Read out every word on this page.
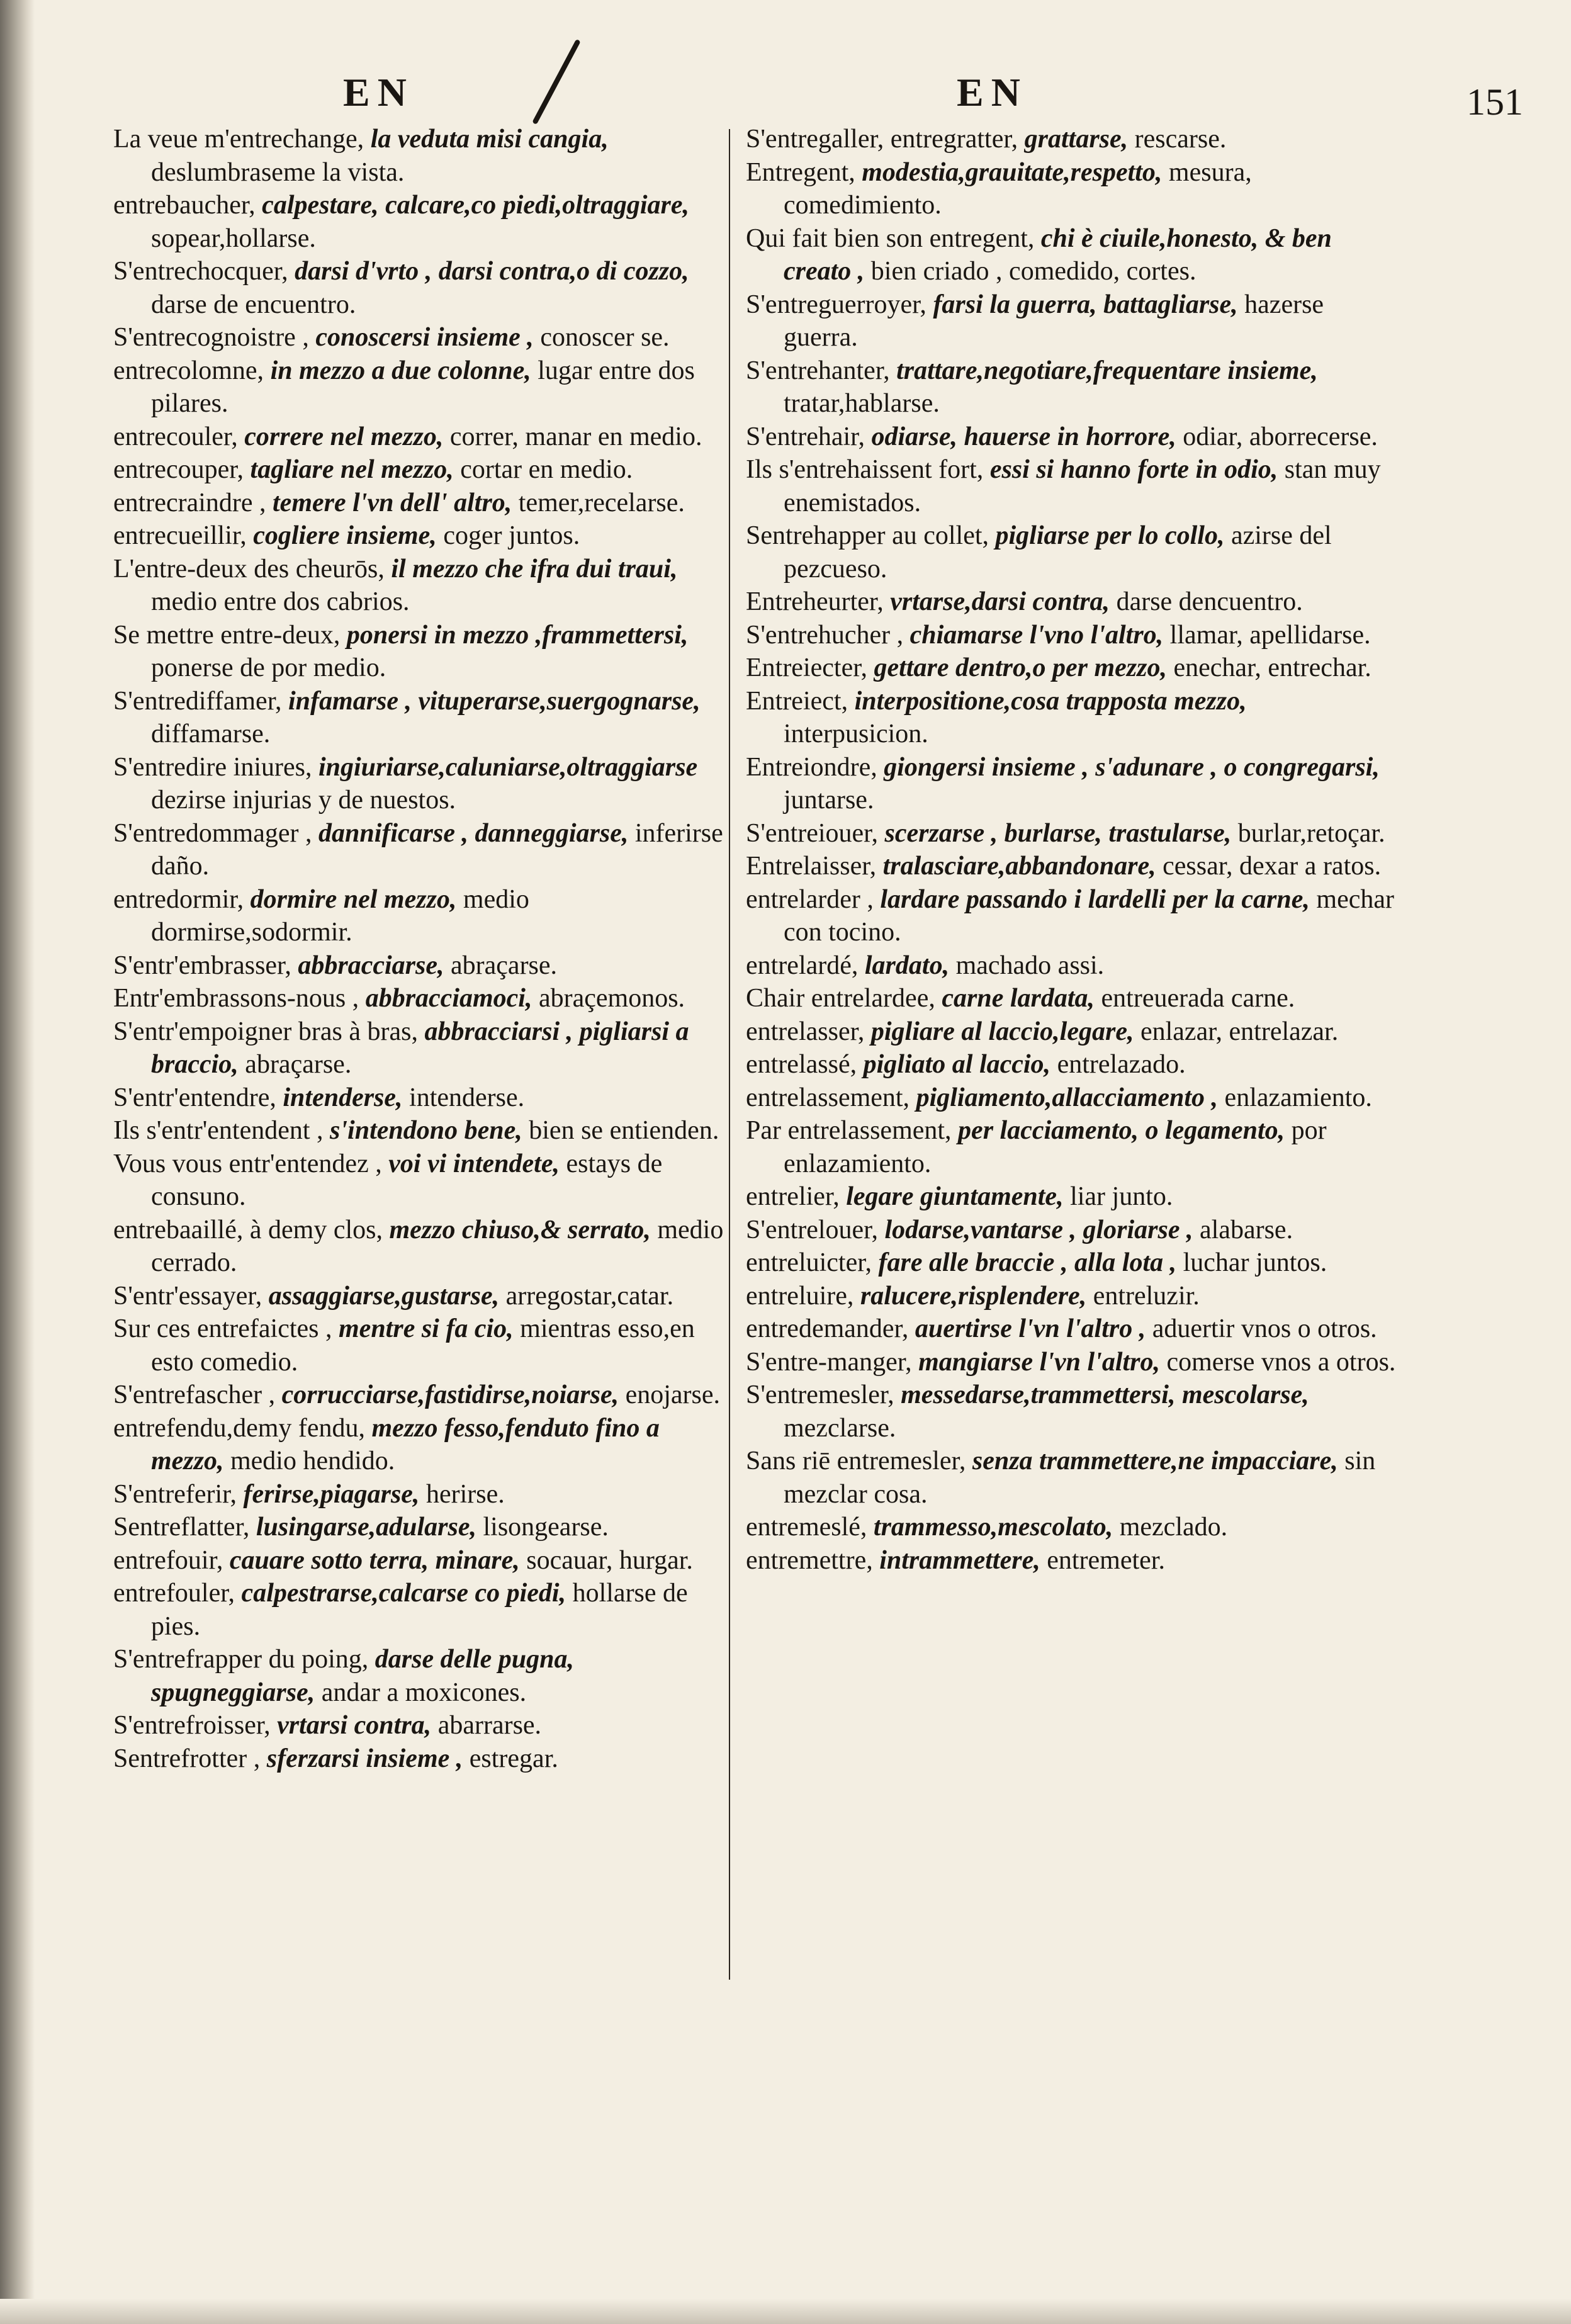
EN	EN	151
La veue m'entrechange, la veduta misi cangia, deslumbraseme la vista.
entrebaucher, calpestare, calcare,co piedi,oltraggiare, sopear,hollarse.
S'entrechocquer, darsi d'vrto , darsi contra,o di cozzo, darse de encuentro.
S'entrecognoistre , conoscersi insieme , conoscer se.
entrecolomne, in mezzo a due colonne, lugar entre dos pilares.
entrecouler, correre nel mezzo, correr, manar en medio.
entrecouper, tagliare nel mezzo, cortar en medio.
entrecraindre , temere l'vn dell' altro, temer,recelarse.
entrecueillir, cogliere insieme, coger juntos.
L'entre-deux des cheurōs, il mezzo che ifra dui traui, medio entre dos cabrios.
Se mettre entre-deux, ponersi in mezzo ,frammettersi, ponerse de por medio.
S'entrediffamer, infamarse , vituperarse,suergognarse, diffamarse.
S'entredire iniures, ingiuriarse,caluniarse,oltraggiarse dezirse injurias y de nuestos.
S'entredommager , dannificarse , danneggiarse, inferirse daño.
entredormir, dormire nel mezzo, medio dormirse,sodormir.
S'entr'embrasser, abbracciarse, abraçarse.
Entr'embrassons-nous , abbracciamoci, abraçemonos.
S'entr'empoigner bras à bras, abbracciarsi , pigliarsi a braccio, abraçarse.
S'entr'entendre, intenderse, intenderse.
Ils s'entr'entendent , s'intendono bene, bien se entienden.
Vous vous entr'entendez , voi vi intendete, estays de consuno.
entrebaaillé, à demy clos, mezzo chiuso,& serrato, medio cerrado.
S'entr'essayer, assaggiarse,gustarse, arregostar,catar.
Sur ces entrefaictes , mentre si fa cio, mientras esso,en esto comedio.
S'entrefascher , corrucciarse,fastidirse,noiarse, enojarse.
entrefendu,demy fendu, mezzo fesso,fenduto fino a mezzo, medio hendido.
S'entreferir, ferirse,piagarse, herirse.
Sentreflatter, lusingarse,adularse, lisongearse.
entrefouir, cauare sotto terra, minare, socauar, hurgar.
entrefouler, calpestrarse,calcarse co piedi, hollarse de pies.
S'entrefrapper du poing, darse delle pugna, spugneggiarse, andar a moxicones.
S'entrefroisser, vrtarsi contra, abarrarse.
Sentrefrotter , sferzarsi insieme , estregar.
S'entregaller, entregratter, grattarse, rescarse.
Entregent, modestia,grauitate,respetto, mesura, comedimiento.
Qui fait bien son entregent, chi è ciuile,honesto, & ben creato , bien criado , comedido, cortes.
S'entreguerroyer, farsi la guerra, battagliarse, hazerse guerra.
S'entrehanter, trattare,negotiare,frequentare insieme, tratar,hablarse.
S'entrehair, odiarse, hauerse in horrore, odiar, aborrecerse.
Ils s'entrehaissent fort, essi si hanno forte in odio, stan muy enemistados.
Sentrehapper au collet, pigliarse per lo collo, azirse del pezcueso.
Entreheurter, vrtarse,darsi contra, darse dencuentro.
S'entrehucher , chiamarse l'vno l'altro, llamar, apellidarse.
Entreiecter, gettare dentro,o per mezzo, enechar, entrechar.
Entreiect, interpositione,cosa trapposta mezzo, interpusicion.
Entreiondre, giongersi insieme , s'adunare , o congregarsi, juntarse.
S'entreiouer, scerzarse , burlarse, trastularse, burlar,retoçar.
Entrelaisser, tralasciare,abbandonare, cessar, dexar a ratos.
entrelarder , lardare passando i lardelli per la carne, mechar con tocino.
entrelardé, lardato, machado assi.
Chair entrelardee, carne lardata, entreuerada carne.
entrelasser, pigliare al laccio,legare, enlazar, entrelazar.
entrelassé, pigliato al laccio, entrelazado.
entrelassement, pigliamento,allacciamento , enlazamiento.
Par entrelassement, per lacciamento, o legamento, por enlazamiento.
entrelier, legare giuntamente, liar junto.
S'entrelouer, lodarse,vantarse , gloriarse , alabarse.
entreluicter, fare alle braccie , alla lota , luchar juntos.
entreluire, ralucere,risplendere, entreluzir.
entredemander, auertirse l'vn l'altro , aduertir vnos o otros.
S'entre-manger, mangiarse l'vn l'altro, comerse vnos a otros.
S'entremesler, messedarse,trammettersi, mescolarse, mezclarse.
Sans riē entremesler, senza trammettere,ne impacciare, sin mezclar cosa.
entremeslé, trammesso,mescolato, mezclado.
entremettre, intrammettere, entremeter.
